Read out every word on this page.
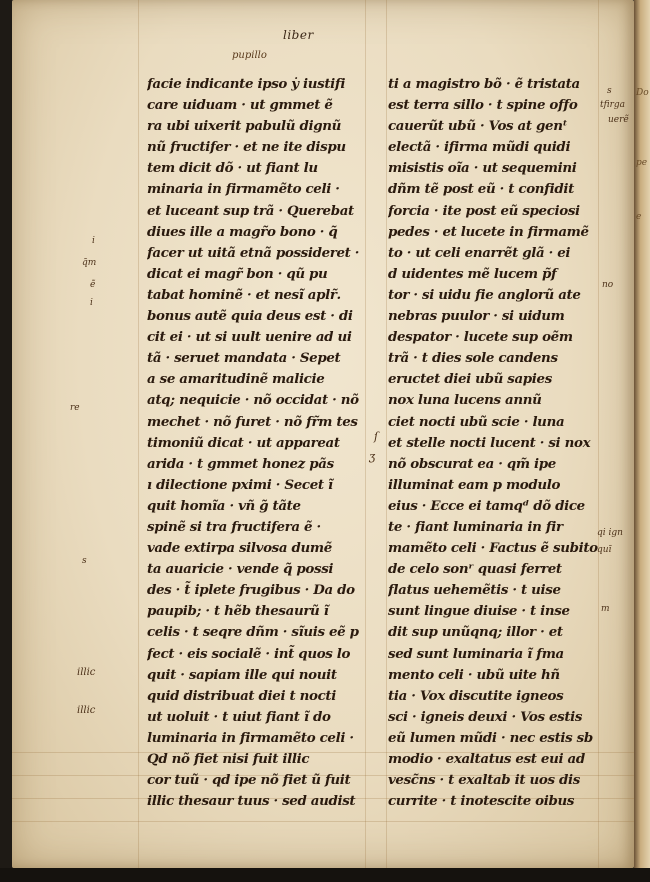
Do
pe
e
liber
pupillo
facie indicante ipso ẏ iustifi
care uiduam · ut gmmet ẽ
ra ubi uixerit pabulũ dignũ
nũ fructifer · et ne ite dispu
tem dicit dõ · ut fiant lu
minaria in firmamẽto celi ·
et luceant sup trã · Querebat
diues ille a magr̃o bono · q̃
facer ut uitã etnã possideret ·
dicat ei magr̃ bon · qũ pu
tabat hominẽ · et nesĩ aplr̃.
bonus autẽ quia deus est · di
cit ei · ut si uult uenire ad ui
tã · seruet mandata · Sepet
a se amaritudinẽ malicie
atq; nequicie · nõ occidat · nõ
mechet · nõ furet · nõ fr̃m tes
timoniũ dicat · ut appareat
arida · t gmmet honez pãs
ı dilectione pximi · Secet ĩ
quit homĩa · vñ g̃ tãte
spinẽ si tra fructifera ẽ ·
vade extirpa silvosa dumẽ
ta auaricie · vende q̃ possi
des · t̃ iplete frugibus · Da do
paupib; · t hẽb thesaurũ ĩ
celis · t seqre dñm · sĩuis eẽ p
fect · eis socialẽ · int̃ quos lo
quit · sapiam ille qui nouit
quid distribuat diei t nocti
ut uoluit · t uiut fiant ĩ do
luminaria in firmamẽto celi ·
Qd nõ fiet nisi fuit illic
cor tuũ · qd ipe nõ fiet ũ fuit
illic thesaur tuus · sed audist
ti a magistro bõ · ẽ tristata
est terra sillo · t spine offo
cauerũt ubũ · Vos at genᵗ
electã · ifirma mũdi quidi
misistis oĩa · ut sequemini
dñm tẽ post eũ · t confidit
forcia · ite post eũ speciosi
pedes · et lucete in firmamẽ
to · ut celi enarrẽt glã · ei
d uidentes mẽ lucem p̃f
tor · si uidu fie anglorũ ate
nebras puulor · si uidum
despator · lucete sup oẽm
trã · t dies sole candens
eructet diei ubũ sapies
nox luna lucens annũ
ciet nocti ubũ scie · luna
et stelle nocti lucent · si nox
nõ obscurat ea · qm̃ ipe
illuminat eam p modulo
eius · Ecce ei tamqᵈ dõ dice
te · fiant luminaria in fir
mamẽto celi · Factus ẽ subito
de celo sonʳ quasi ferret
flatus uehemẽtis · t uise
sunt lingue diuise · t inse
dit sup unũqnq; illor · et
sed sunt luminaria ĩ fma
mento celi · ubũ uite hñ
tia · Vox discutite igneos
sci · igneis deuxi · Vos estis
eũ lumen mũdi · nec estis sb
modio · exaltatus est eui ad
vesc̃ns · t exaltab it uos dis
currite · t inotescite oibus
i
q̃m
ẽ
i
re
s
illic
illic
ſ
ʒ
s
tfirga
uerẽ
no
qi ign
quī
m
